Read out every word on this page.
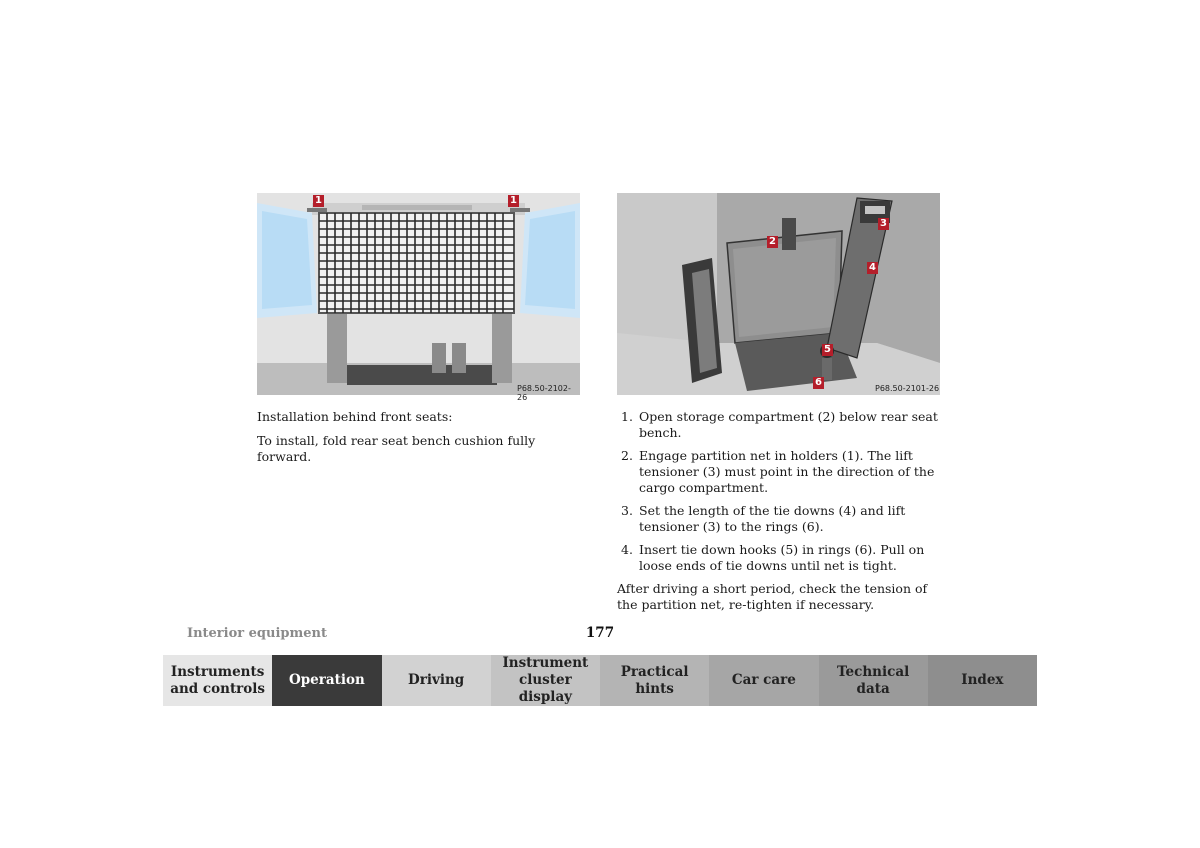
1	1
P68.50-2102-26
2
3
4
5
6
P68.50-2101-26

Installation behind front seats:

To install, fold rear seat bench cushion fully forward.

1. Open storage compartment (2) below rear seat bench.
2. Engage partition net in holders (1). The lift tensioner (3) must point in the direction of the cargo compartment.
3. Set the length of the tie downs (4) and lift tensioner (3) to the rings (6).
4. Insert tie down hooks (5) in rings (6). Pull on loose ends of tie downs until net is tight.

After driving a short period, check the tension of the partition net, re-tighten if necessary.

Interior equipment	177
Instruments
and controls
Operation	Driving
Instrument
cluster display
Practical hints
Car care
Technical
data
Index
